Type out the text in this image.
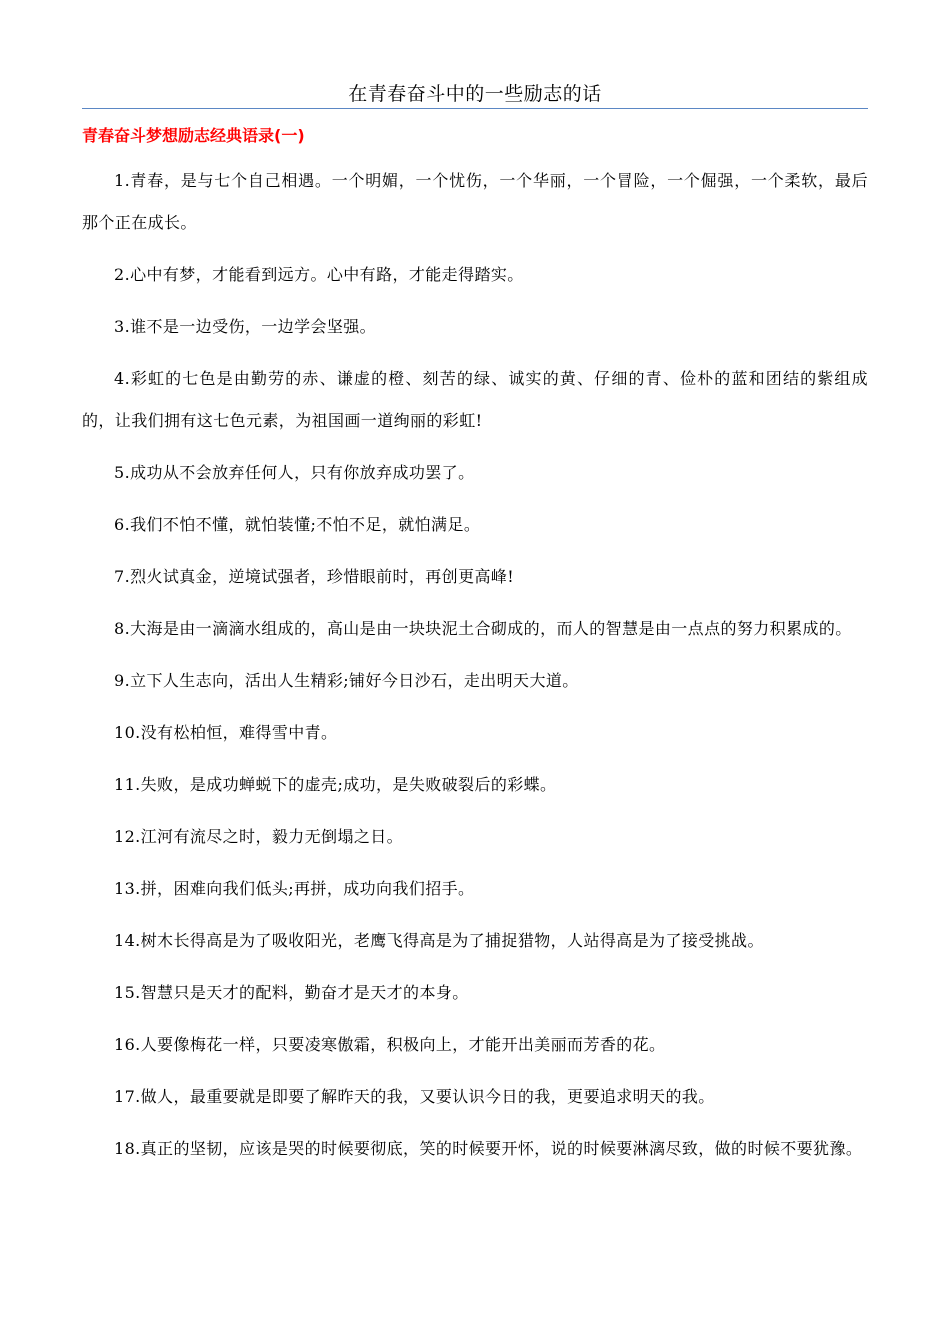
在青春奋斗中的一些励志的话
青春奋斗梦想励志经典语录(一)

1.青春，是与七个自己相遇。一个明媚，一个忧伤，一个华丽，一个冒险，一个倔强，一个柔软，最后那个正在成长。

2.心中有梦，才能看到远方。心中有路，才能走得踏实。

3.谁不是一边受伤，一边学会坚强。

4.彩虹的七色是由勤劳的赤、谦虚的橙、刻苦的绿、诚实的黄、仔细的青、俭朴的蓝和团结的紫组成的，让我们拥有这七色元素，为祖国画一道绚丽的彩虹!

5.成功从不会放弃任何人，只有你放弃成功罢了。

6.我们不怕不懂，就怕装懂;不怕不足，就怕满足。

7.烈火试真金，逆境试强者，珍惜眼前时，再创更高峰!

8.大海是由一滴滴水组成的，高山是由一块块泥土合砌成的，而人的智慧是由一点点的努力积累成的。

9.立下人生志向，活出人生精彩;铺好今日沙石，走出明天大道。

10.没有松柏恒，难得雪中青。

11.失败，是成功蝉蜕下的虚壳;成功，是失败破裂后的彩蝶。

12.江河有流尽之时，毅力无倒塌之日。

13.拼，困难向我们低头;再拼，成功向我们招手。

14.树木长得高是为了吸收阳光，老鹰飞得高是为了捕捉猎物，人站得高是为了接受挑战。

15.智慧只是天才的配料，勤奋才是天才的本身。

16.人要像梅花一样，只要凌寒傲霜，积极向上，才能开出美丽而芳香的花。

17.做人，最重要就是即要了解昨天的我，又要认识今日的我，更要追求明天的我。

18.真正的坚韧，应该是哭的时候要彻底，笑的时候要开怀，说的时候要淋漓尽致，做的时候不要犹豫。
